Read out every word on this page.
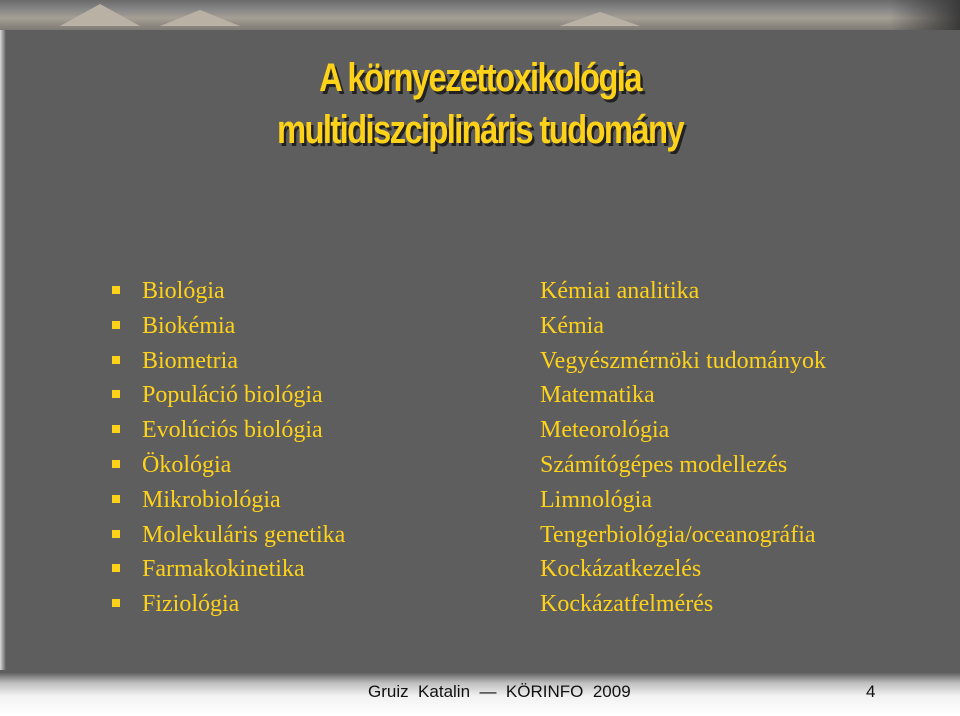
A környezettoxikológia
multidiszciplináris tudomány
Biológia
Biokémia
Biometria
Populáció biológia
Evolúciós biológia
Ökológia
Mikrobiológia
Molekuláris genetika
Farmakokinetika
Fiziológia
Kémiai analitika
Kémia
Vegyészmérnöki tudományok
Matematika
Meteorológia
Számítógépes modellezés
Limnológia
Tengerbiológia/oceanográfia
Kockázatkezelés
Kockázatfelmérés
Gruiz  Katalin  —  KÖRINFO  2009	4
